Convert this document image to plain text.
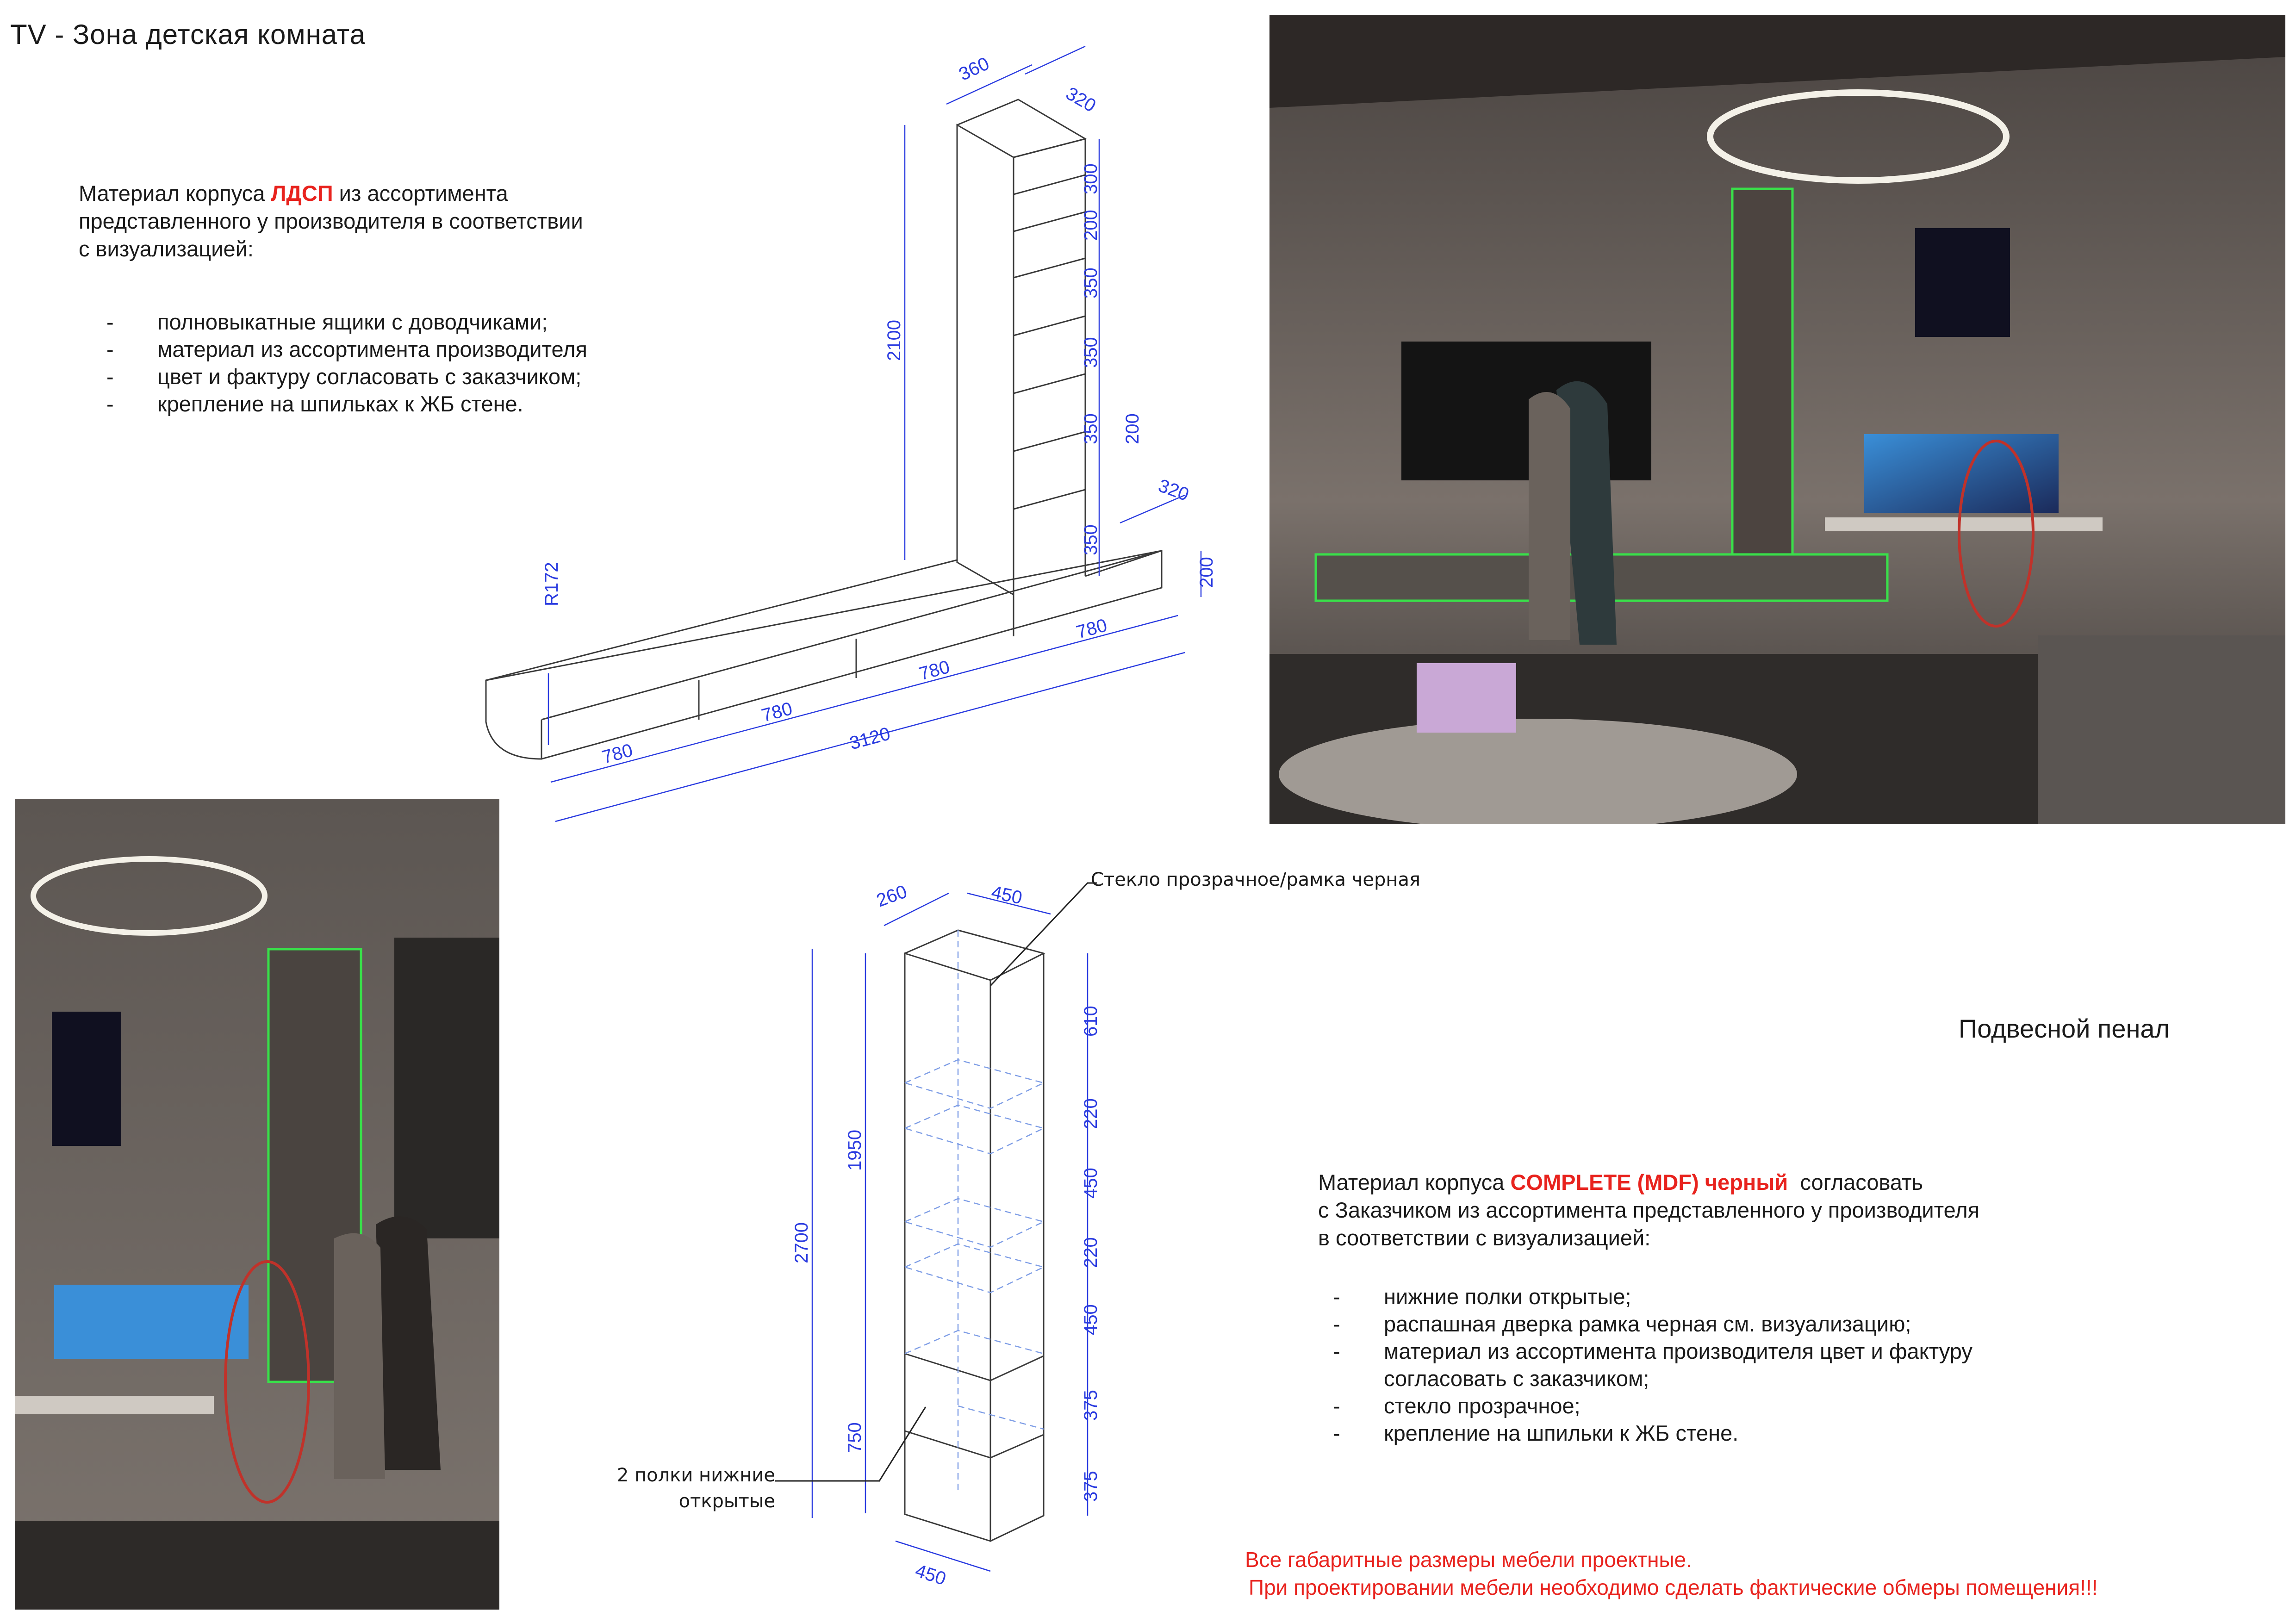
TV - Зона детская комната
Материал корпуса ЛДСП из ассортимента
представленного у производителя в соответствии
с визуализацией:
- полновыкатные ящики с доводчиками;
- материал из ассортимента производителя
- цвет и фактуру согласовать с заказчиком;
- крепление на шпильках к ЖБ стене.
360
320
2100
300
200
350
350
350
350
200
320
200
R172
780
780
780
780
3120
260	450
2700
1950
750
610
220
450
220
450
375
375
450
Стекло прозрачное/рамка черная
2 полки нижние
открытые
Подвесной пенал
Материал корпуса COMPLETE (MDF) черный  согласовать
с Заказчиком из ассортимента представленного у производителя
в соответствии с визуализацией:
- нижние полки открытые;
- распашная дверка рамка черная см. визуализацию;
- материал из ассортимента производителя цвет и фактуру
согласовать с заказчиком;
- стекло прозрачное;
- крепление на шпильки к ЖБ стене.
Все габаритные размеры мебели проектные.
При проектировании мебели необходимо сделать фактические обмеры помещения!!!
